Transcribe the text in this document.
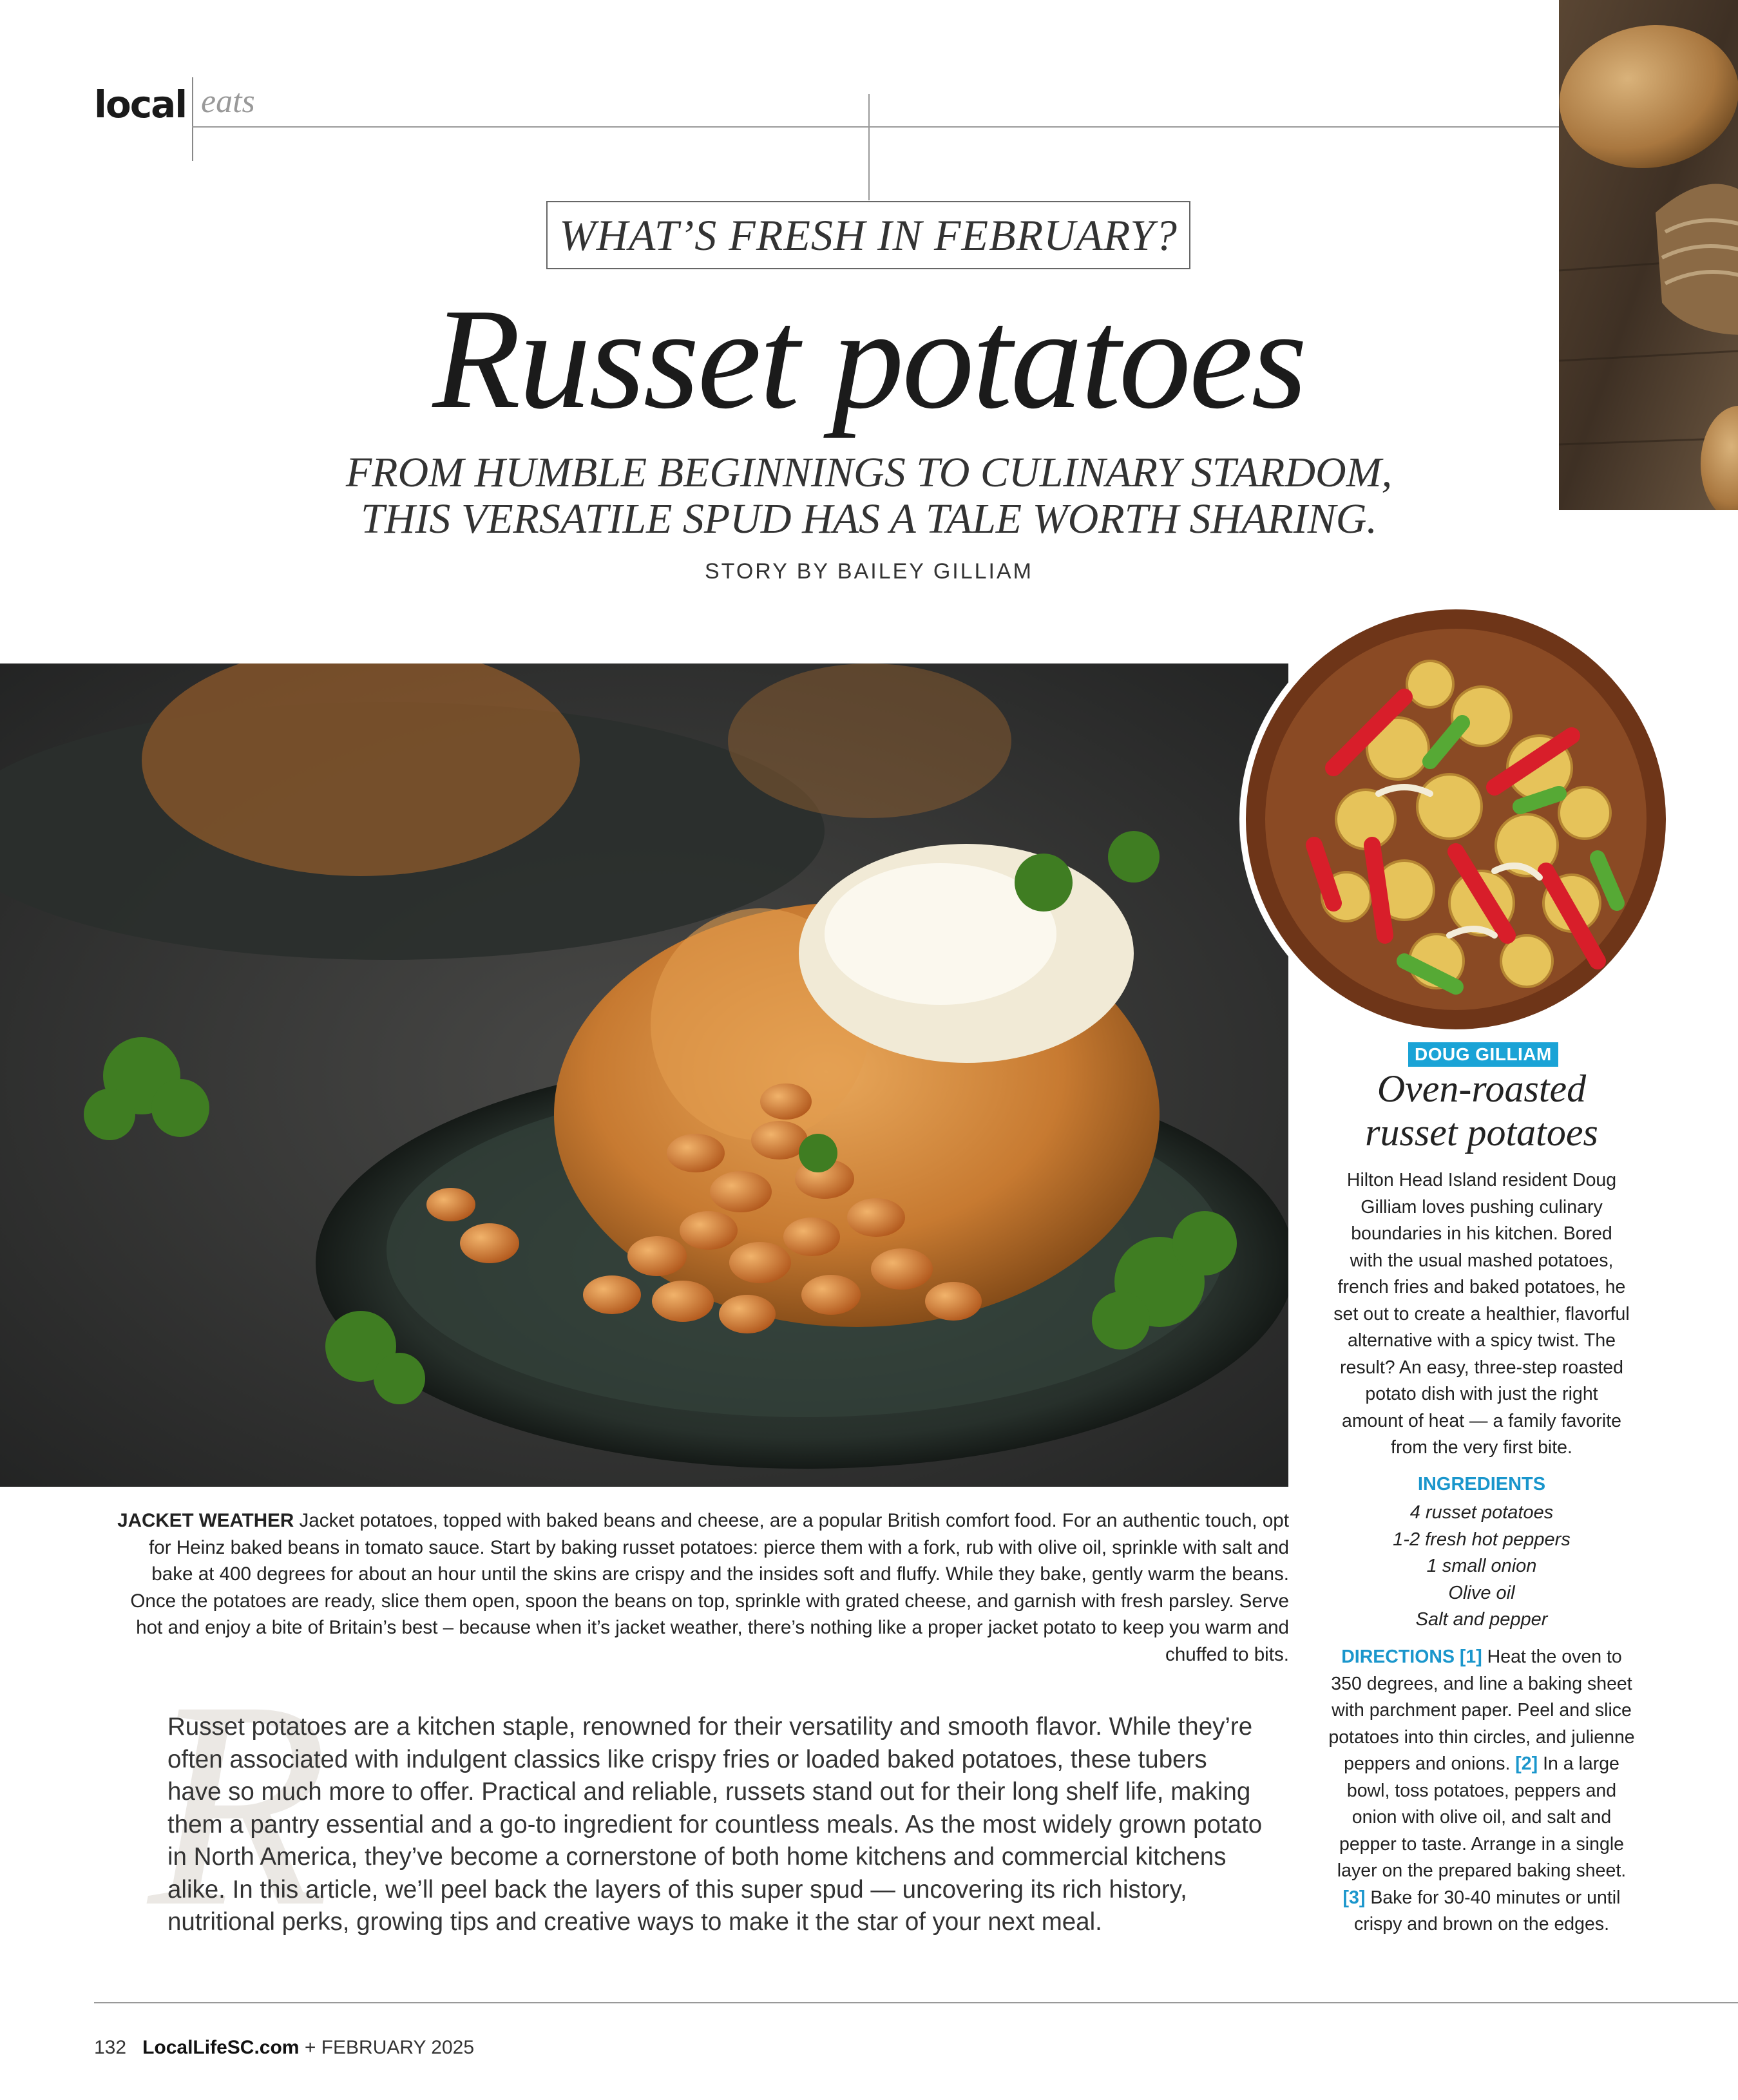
local eats
WHAT’S FRESH IN FEBRUARY?
Russet potatoes
FROM HUMBLE BEGINNINGS TO CULINARY STARDOM,
THIS VERSATILE SPUD HAS A TALE WORTH SHARING.
STORY BY BAILEY GILLIAM
DOUG GILLIAM
Oven-roasted
russet potatoes
Hilton Head Island resident Doug Gilliam loves pushing culinary boundaries in his kitchen. Bored with the usual mashed potatoes, french fries and baked potatoes, he set out to create a healthier, flavorful alternative with a spicy twist. The result? An easy, three-step roasted potato dish with just the right amount of heat — a family favorite from the very first bite.
INGREDIENTS
4 russet potatoes
1-2 fresh hot peppers
1 small onion
Olive oil
Salt and pepper
DIRECTIONS [1] Heat the oven to 350 degrees, and line a baking sheet with parchment paper. Peel and slice potatoes into thin circles, and julienne peppers and onions. [2] In a large bowl, toss potatoes, peppers and onion with olive oil, and salt and pepper to taste. Arrange in a single layer on the prepared baking sheet. [3] Bake for 30-40 minutes or until crispy and brown on the edges.
JACKET WEATHER Jacket potatoes, topped with baked beans and cheese, are a popular British comfort food. For an authentic touch, opt for Heinz baked beans in tomato sauce. Start by baking russet potatoes: pierce them with a fork, rub with olive oil, sprinkle with salt and bake at 400 degrees for about an hour until the skins are crispy and the insides soft and fluffy. While they bake, gently warm the beans. Once the potatoes are ready, slice them open, spoon the beans on top, sprinkle with grated cheese, and garnish with fresh parsley. Serve hot and enjoy a bite of Britain’s best – because when it’s jacket weather, there’s nothing like a proper jacket potato to keep you warm and chuffed to bits.
R
Russet potatoes are a kitchen staple, renowned for their versatility and smooth flavor. While they’re often associated with indulgent classics like crispy fries or loaded baked potatoes, these tubers have so much more to offer. Practical and reliable, russets stand out for their long shelf life, making them a pantry essential and a go-to ingredient for countless meals. As the most widely grown potato in North America, they’ve become a cornerstone of both home kitchens and commercial kitchens alike. In this article, we’ll peel back the layers of this super spud — uncovering its rich history, nutritional perks, growing tips and creative ways to make it the star of your next meal.
132 LocalLifeSC.com + FEBRUARY 2025
